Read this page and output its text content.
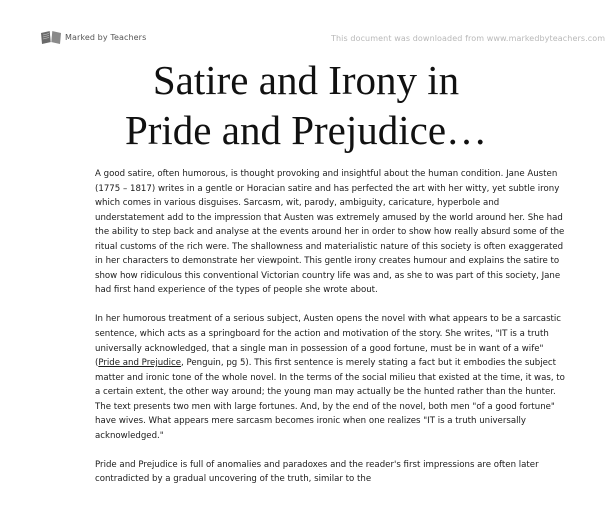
Marked by Teachers	This document was downloaded from www.markedbyteachers.com
Satire and Irony in
Pride and Prejudice…

A good satire, often humorous, is thought provoking and insightful about the human condition. Jane Austen (1775 – 1817) writes in a gentle or Horacian satire and has perfected the art with her witty, yet subtle irony which comes in various disguises. Sarcasm, wit, parody, ambiguity, caricature, hyperbole and understatement add to the impression that Austen was extremely amused by the world around her. She had the ability to step back and analyse at the events around her in order to show how really absurd some of the ritual customs of the rich were. The shallowness and materialistic nature of this society is often exaggerated in her characters to demonstrate her viewpoint. This gentle irony creates humour and explains the satire to show how ridiculous this conventional Victorian country life was and, as she to was part of this society, Jane had first hand experience of the types of people she wrote about.

In her humorous treatment of a serious subject, Austen opens the novel with what appears to be a sarcastic sentence, which acts as a springboard for the action and motivation of the story. She writes, "IT is a truth universally acknowledged, that a single man in possession of a good fortune, must be in want of a wife" (Pride and Prejudice, Penguin, pg 5). This first sentence is merely stating a fact but it embodies the subject matter and ironic tone of the whole novel. In the terms of the social milieu that existed at the time, it was, to a certain extent, the other way around; the young man may actually be the hunted rather than the hunter. The text presents two men with large fortunes. And, by the end of the novel, both men "of a good fortune" have wives. What appears mere sarcasm becomes ironic when one realizes "IT is a truth universally acknowledged."

Pride and Prejudice is full of anomalies and paradoxes and the reader's first impressions are often later contradicted by a gradual uncovering of the truth, similar to the
